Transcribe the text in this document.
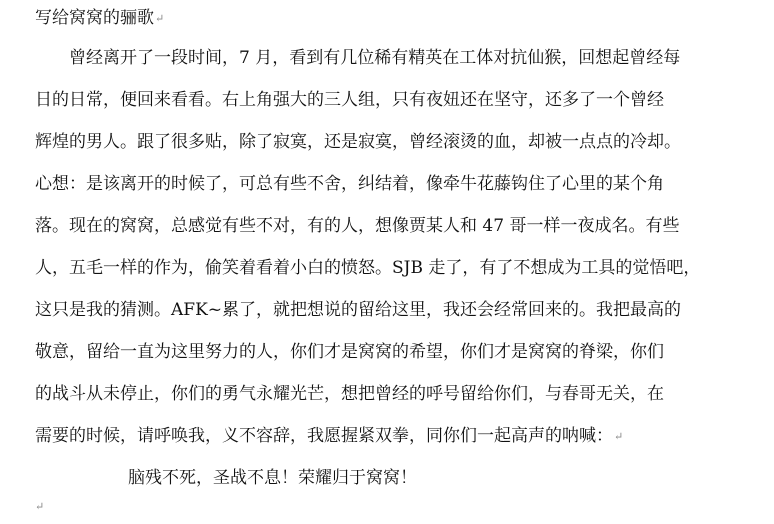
写给窝窝的骊歌↵
曾经离开了一段时间，7 月，看到有几位稀有精英在工体对抗仙猴，回想起曾经每
日的日常，便回来看看。右上角强大的三人组，只有夜妞还在坚守，还多了一个曾经
辉煌的男人。跟了很多贴，除了寂寞，还是寂寞，曾经滚烫的血，却被一点点的冷却。
心想：是该离开的时候了，可总有些不舍，纠结着，像牵牛花藤钩住了心里的某个角
落。现在的窝窝，总感觉有些不对，有的人，想像贾某人和 47 哥一样一夜成名。有些
人，五毛一样的作为，偷笑着看着小白的愤怒。SJB 走了，有了不想成为工具的觉悟吧，
这只是我的猜测。AFK~累了，就把想说的留给这里，我还会经常回来的。我把最高的
敬意，留给一直为这里努力的人，你们才是窝窝的希望，你们才是窝窝的脊梁，你们
的战斗从未停止，你们的勇气永耀光芒，想把曾经的呼号留给你们，与春哥无关，在
需要的时候，请呼唤我，义不容辞，我愿握紧双拳，同你们一起高声的呐喊：↵
脑残不死，圣战不息！荣耀归于窝窝！
↵
